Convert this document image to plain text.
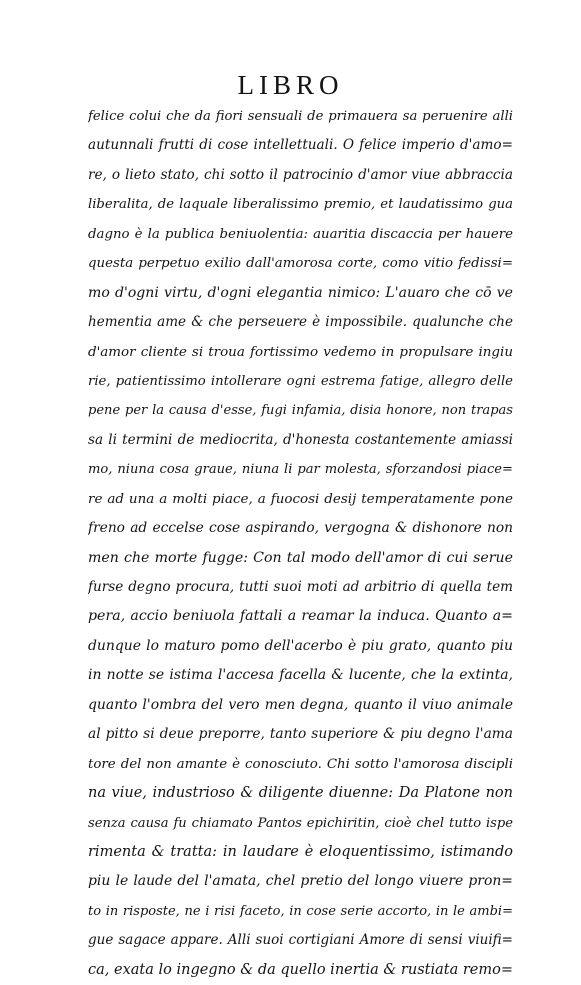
LIBRO
felice colui che da fiori sensuali de primauera sa peruenire alli
autunnali frutti di cose intellettuali. O felice imperio d'amo=
re, o lieto stato, chi sotto il patrocinio d'amor viue abbraccia
liberalita, de laquale liberalissimo premio, et laudatissimo gua
dagno è la publica beniuolentia: auaritia discaccia per hauere
questa perpetuo exilio dall'amorosa corte, como vitio fedissi=
mo d'ogni virtu, d'ogni elegantia nimico: L'auaro che cō ve
hementia ame & che perseuere è impossibile. qualunche che
d'amor cliente si troua fortissimo vedemo in propulsare ingiu
rie, patientissimo intollerare ogni estrema fatige, allegro delle
pene per la causa d'esse, fugi infamia, disia honore, non trapas
sa li termini de mediocrita, d'honesta costantemente amiassi
mo, niuna cosa graue, niuna li par molesta, sforzandosi piace=
re ad una a molti piace, a fuocosi desij temperatamente pone
freno ad eccelse cose aspirando, vergogna & dishonore non
men che morte fugge: Con tal modo dell'amor di cui serue
furse degno procura, tutti suoi moti ad arbitrio di quella tem
pera, accio beniuola fattali a reamar la induca. Quanto a=
dunque lo maturo pomo dell'acerbo è piu grato, quanto piu
in notte se istima l'accesa facella & lucente, che la extinta,
quanto l'ombra del vero men degna, quanto il viuo animale
al pitto si deue preporre, tanto superiore & piu degno l'ama
tore del non amante è conosciuto. Chi sotto l'amorosa discipli
na viue, industrioso & diligente diuenne: Da Platone non
senza causa fu chiamato Pantos epichiritin, cioè chel tutto ispe
rimenta & tratta: in laudare è eloquentissimo, istimando
piu le laude del l'amata, chel pretio del longo viuere pron=
to in risposte, ne i risi faceto, in cose serie accorto, in le ambi=
gue sagace appare. Alli suoi cortigiani Amore di sensi viuifi=
ca, exata lo ingegno & da quello inertia & rustiata remo=
